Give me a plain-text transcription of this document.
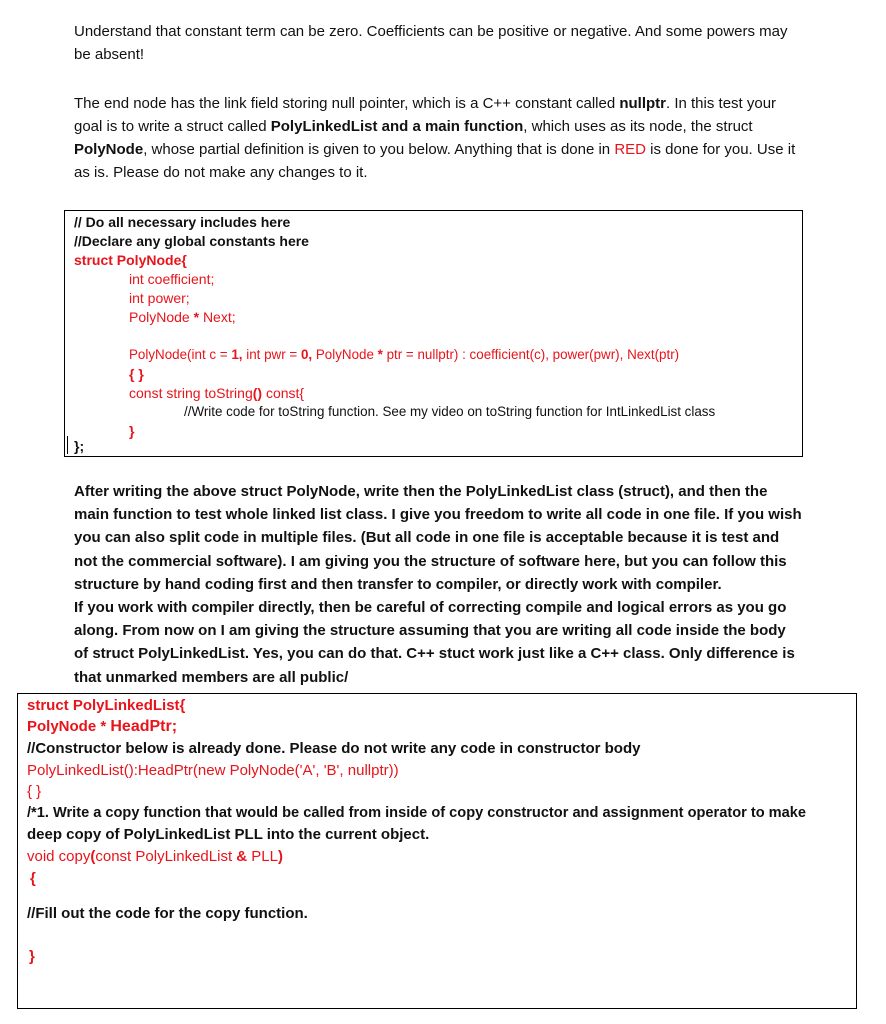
Understand that constant term can be zero. Coefficients can be positive or negative. And some powers may be absent!
The end node has the link field storing null pointer, which is a C++ constant called nullptr. In this test your goal is to write a struct called PolyLinkedList and a main function, which uses as its node, the struct PolyNode, whose partial definition is given to you below. Anything that is done in RED is done for you. Use it as is. Please do not make any changes to it.
// Do all necessary includes here
//Declare any global constants here
struct PolyNode{
int coefficient;
int power;
PolyNode * Next;
PolyNode(int c = 1, int pwr = 0, PolyNode * ptr = nullptr) : coefficient(c), power(pwr), Next(ptr)
{ }
const string toString() const{
//Write code for toString function. See my video on toString function for IntLinkedList class
}
};
After writing the above struct PolyNode, write then the PolyLinkedList class (struct), and then the main function to test whole linked list class. I give you freedom to write all code in one file. If you wish you can also split code in multiple files. (But all code in one file is acceptable because it is test and not the commercial software). I am giving you the structure of software here, but you can follow this structure by hand coding first and then transfer to compiler, or directly work with compiler.
If you work with compiler directly, then be careful of correcting compile and logical errors as you go along. From now on I am giving the structure assuming that you are writing all code inside the body of struct PolyLinkedList. Yes, you can do that. C++ stuct work just like a C++ class. Only difference is that unmarked members are all public/
struct PolyLinkedList{
PolyNode * HeadPtr;
//Constructor below is already done. Please do not write any code in constructor body
PolyLinkedList():HeadPtr(new PolyNode('A', 'B', nullptr))
{ }
/*1. Write a copy function that would be called from inside of copy constructor and assignment operator to make
deep copy of PolyLinkedList PLL into the current object.
void copy(const PolyLinkedList & PLL)
{
//Fill out the code for the copy function.
}
